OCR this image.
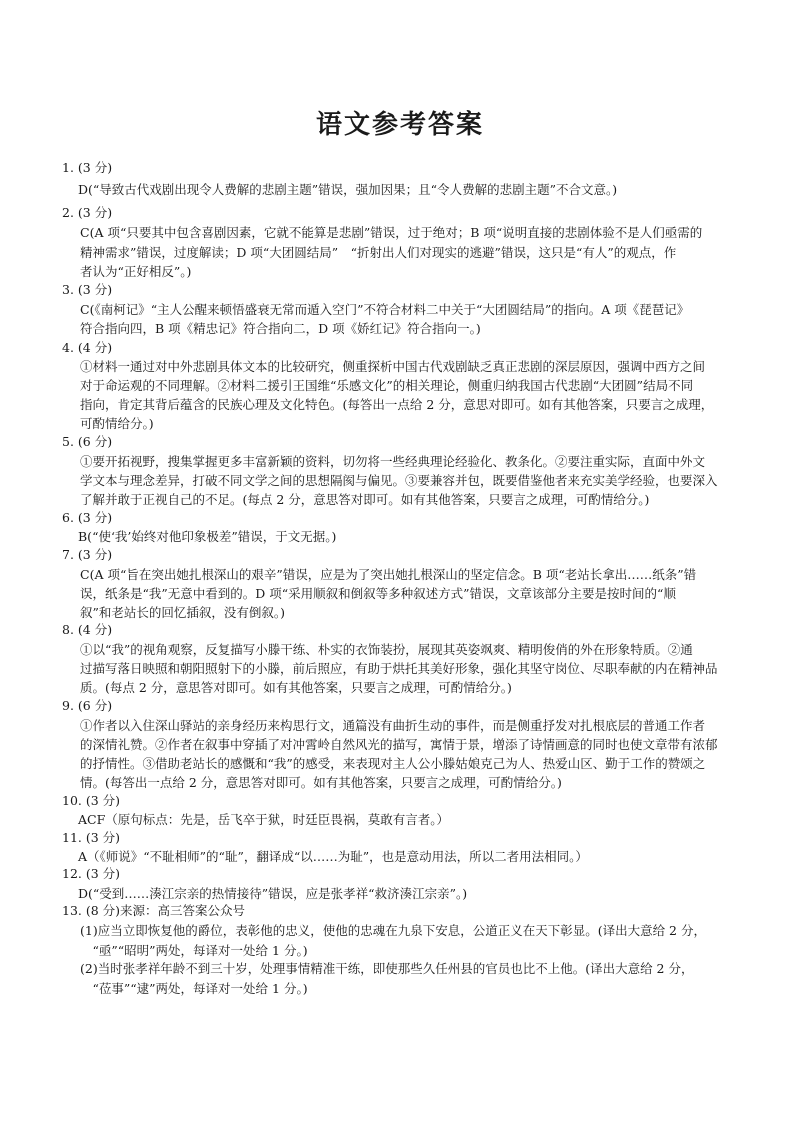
语文参考答案
1. (3 分)
D(“导致古代戏剧出现令人费解的悲剧主题”错误，强加因果；且“令人费解的悲剧主题”不合文意。)
2. (3 分)
C(A 项“只要其中包含喜剧因素，它就不能算是悲剧”错误，过于绝对；B 项“说明直接的悲剧体验不是人们亟需的
精神需求”错误，过度解读；D 项“大团圆结局”　“折射出人们对现实的逃避”错误，这只是“有人”的观点，作
者认为“正好相反”。)
3. (3 分)
C(《南柯记》“主人公醒来顿悟盛衰无常而遁入空门”不符合材料二中关于“大团圆结局”的指向。A 项《琵琶记》
符合指向四，B 项《精忠记》符合指向二，D 项《娇红记》符合指向一。)
4. (4 分)
①材料一通过对中外悲剧具体文本的比较研究，侧重探析中国古代戏剧缺乏真正悲剧的深层原因，强调中西方之间
对于命运观的不同理解。②材料二援引王国维“乐感文化”的相关理论，侧重归纳我国古代悲剧“大团圆”结局不同
指向，肯定其背后蕴含的民族心理及文化特色。(每答出一点给 2 分，意思对即可。如有其他答案，只要言之成理，
可酌情给分。)
5. (6 分)
①要开拓视野，搜集掌握更多丰富新颖的资料，切勿将一些经典理论经验化、教条化。②要注重实际，直面中外文
学文本与理念差异，打破不同文学之间的思想隔阂与偏见。③要兼容并包，既要借鉴他者来充实美学经验，也要深入
了解并敢于正视自己的不足。(每点 2 分，意思答对即可。如有其他答案，只要言之成理，可酌情给分。)
6. (3 分)
B(“使‘我’始终对他印象极差”错误，于文无据。)
7. (3 分)
C(A 项“旨在突出她扎根深山的艰辛”错误，应是为了突出她扎根深山的坚定信念。B 项“老站长拿出……纸条”错
误，纸条是“我”无意中看到的。D 项“采用顺叙和倒叙等多种叙述方式”错误，文章该部分主要是按时间的“顺
叙”和老站长的回忆插叙，没有倒叙。)
8. (4 分)
①以“我”的视角观察，反复描写小滕干练、朴实的衣饰装扮，展现其英姿飒爽、精明俊俏的外在形象特质。②通
过描写落日映照和朝阳照射下的小滕，前后照应，有助于烘托其美好形象，强化其坚守岗位、尽职奉献的内在精神品
质。(每点 2 分，意思答对即可。如有其他答案，只要言之成理，可酌情给分。)
9. (6 分)
①作者以入住深山驿站的亲身经历来构思行文，通篇没有曲折生动的事件，而是侧重抒发对扎根底层的普通工作者
的深情礼赞。②作者在叙事中穿插了对冲霄岭自然风光的描写，寓情于景，增添了诗情画意的同时也使文章带有浓郁
的抒情性。③借助老站长的感慨和“我”的感受，来表现对主人公小滕姑娘克己为人、热爱山区、勤于工作的赞颂之
情。(每答出一点给 2 分，意思答对即可。如有其他答案，只要言之成理，可酌情给分。)
10. (3 分)
ACF（原句标点：先是，岳飞卒于狱，时廷臣畏祸，莫敢有言者。）
11. (3 分)
A（《师说》“不耻相师”的“耻”，翻译成“以……为耻”，也是意动用法，所以二者用法相同。）
12. (3 分)
D(“受到……湊江宗亲的热情接待”错误，应是张孝祥“救济湊江宗亲”。)
13. (8 分)来源：高三答案公众号
(1)应当立即恢复他的爵位，表彰他的忠义，使他的忠魂在九泉下安息，公道正义在天下彰显。(译出大意给 2 分，
　“亟”“昭明”两处，每译对一处给 1 分。)
(2)当时张孝祥年龄不到三十岁，处理事情精准干练，即使那些久任州县的官员也比不上他。(译出大意给 2 分，
　“莅事”“逮”两处，每译对一处给 1 分。)
